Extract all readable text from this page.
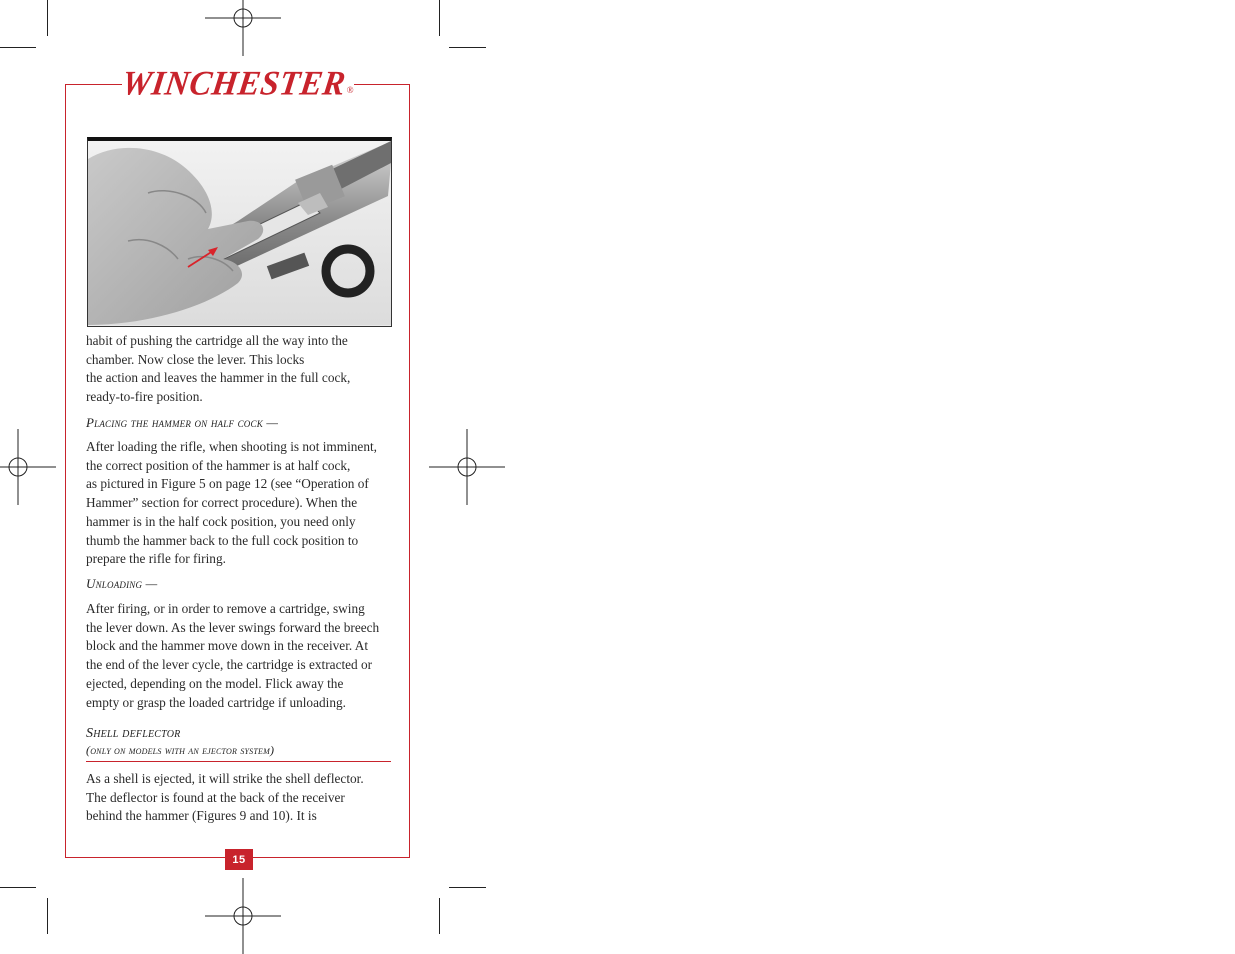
WINCHESTER
®

habit of pushing the cartridge all the way into the

chamber. Now close the lever. This locks

the action and leaves the hammer in the full cock,

ready-to-fire position.

Placing the hammer on half cock —

After loading the rifle, when shooting is not imminent,

the correct position of the hammer is at half cock,

as pictured in Figure 5 on page 12 (see “Operation of

Hammer” section for correct procedure). When the

hammer is in the half cock position, you need only

thumb the hammer back to the full cock position to

prepare the rifle for firing.

Unloading —

After firing, or in order to remove a cartridge, swing

the lever down. As the lever swings forward the breech

block and the hammer move down in the receiver. At

the end of the lever cycle, the cartridge is extracted or

ejected, depending on the model. Flick away the

empty or grasp the loaded cartridge if unloading.

Shell deflector
(only on models with an ejector system)

As a shell is ejected, it will strike the shell deflector.

The deflector is found at the back of the receiver

behind the hammer (Figures 9 and 10). It is

15
